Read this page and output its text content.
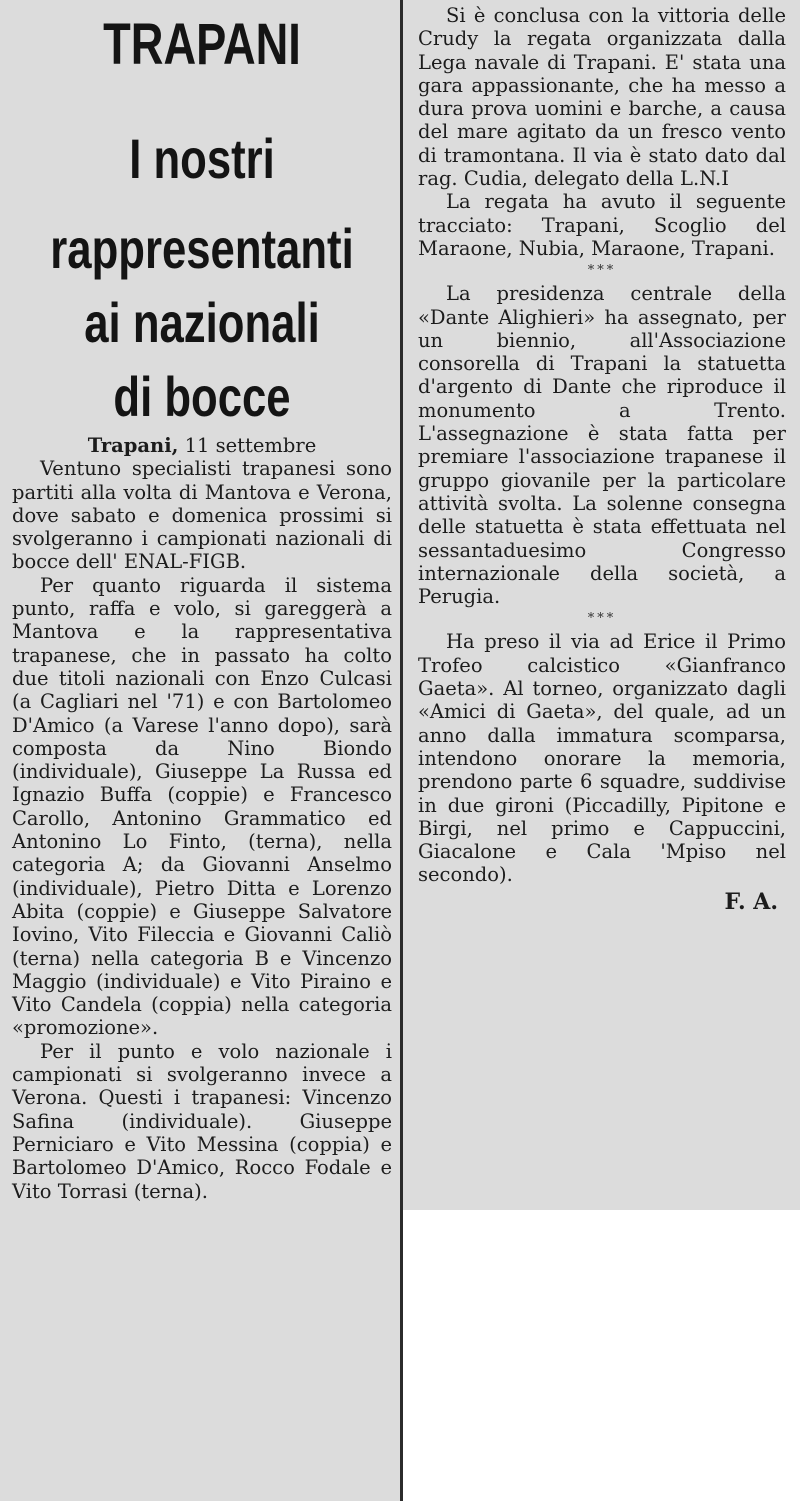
TRAPANI
I nostri
rappresentanti
ai nazionali
di bocce

Trapani, 11 settembre

Ventuno specialisti trapanesi sono partiti alla volta di Mantova e Verona, dove sabato e domenica prossimi si svolgeranno i campionati nazionali di bocce dell' ENAL-FIGB.

Per quanto riguarda il sistema punto, raffa e volo, si gareggerà a Mantova e la rappresentativa trapanese, che in passato ha colto due titoli nazionali con Enzo Culcasi (a Cagliari nel '71) e con Bartolomeo D'Amico (a Varese l'anno dopo), sarà composta da Nino Biondo (individuale), Giuseppe La Russa ed Ignazio Buffa (coppie) e Francesco Carollo, Antonino Grammatico ed Antonino Lo Finto, (terna), nella categoria A; da Giovanni Anselmo (individuale), Pietro Ditta e Lorenzo Abita (coppie) e Giuseppe Salvatore Iovino, Vito Fileccia e Giovanni Caliò (terna) nella categoria B e Vincenzo Maggio (individuale) e Vito Piraino e Vito Candela (coppia) nella categoria «promozione».

Per il punto e volo nazionale i campionati si svolgeranno invece a Verona. Questi i trapanesi: Vincenzo Safina (individuale). Giuseppe Perniciaro e Vito Messina (coppia) e Bartolomeo D'Amico, Rocco Fodale e Vito Torrasi (terna).

Si è conclusa con la vittoria delle Crudy la regata organizzata dalla Lega navale di Trapani. E' stata una gara appassionante, che ha messo a dura prova uomini e barche, a causa del mare agitato da un fresco vento di tramontana. Il via è stato dato dal rag. Cudia, delegato della L.N.I

La regata ha avuto il seguente tracciato: Trapani, Scoglio del Maraone, Nubia, Maraone, Trapani.

***

La presidenza centrale della «Dante Alighieri» ha assegnato, per un biennio, all'Associazione consorella di Trapani la statuetta d'argento di Dante che riproduce il monumento a Trento. L'assegnazione è stata fatta per premiare l'associazione trapanese il gruppo giovanile per la particolare attività svolta. La solenne consegna delle statuetta è stata effettuata nel sessantaduesimo Congresso internazionale della società, a Perugia.

***

Ha preso il via ad Erice il Primo Trofeo calcistico «Gianfranco Gaeta». Al torneo, organizzato dagli «Amici di Gaeta», del quale, ad un anno dalla immatura scomparsa, intendono onorare la memoria, prendono parte 6 squadre, suddivise in due gironi (Piccadilly, Pipitone e Birgi, nel primo e Cappuccini, Giacalone e Cala 'Mpiso nel secondo).

F. A.
